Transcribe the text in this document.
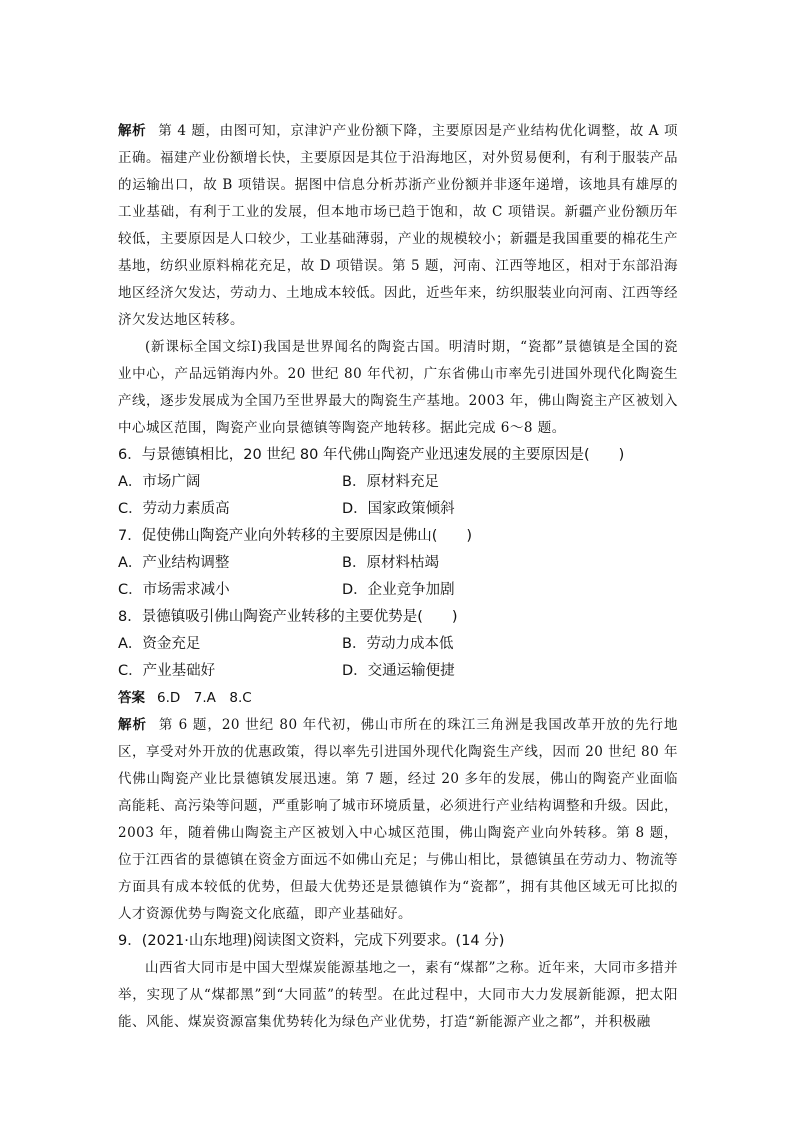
解析 第 4 题，由图可知，京津沪产业份额下降，主要原因是产业结构优化调整，故 A 项正确。福建产业份额增长快，主要原因是其位于沿海地区，对外贸易便利，有利于服装产品的运输出口，故 B 项错误。据图中信息分析苏浙产业份额并非逐年递增，该地具有雄厚的工业基础，有利于工业的发展，但本地市场已趋于饱和，故 C 项错误。新疆产业份额历年较低，主要原因是人口较少，工业基础薄弱，产业的规模较小；新疆是我国重要的棉花生产基地，纺织业原料棉花充足，故 D 项错误。第 5 题，河南、江西等地区，相对于东部沿海地区经济欠发达，劳动力、土地成本较低。因此，近些年来，纺织服装业向河南、江西等经济欠发达地区转移。

(新课标全国文综Ⅰ)我国是世界闻名的陶瓷古国。明清时期，“瓷都”景德镇是全国的瓷业中心，产品远销海内外。20 世纪 80 年代初，广东省佛山市率先引进国外现代化陶瓷生产线，逐步发展成为全国乃至世界最大的陶瓷生产基地。2003 年，佛山陶瓷主产区被划入中心城区范围，陶瓷产业向景德镇等陶瓷产地转移。据此完成 6～8 题。

6．与景德镇相比，20 世纪 80 年代佛山陶瓷产业迅速发展的主要原因是(　　)

A．市场广阔	B．原材料充足
C．劳动力素质高	D．国家政策倾斜

7．促使佛山陶瓷产业向外转移的主要原因是佛山(　　)

A．产业结构调整	B．原材料枯竭
C．市场需求减小	D．企业竞争加剧

8．景德镇吸引佛山陶瓷产业转移的主要优势是(　　)

A．资金充足	B．劳动力成本低
C．产业基础好	D．交通运输便捷

答案 6.D　7.A　8.C

解析 第 6 题，20 世纪 80 年代初，佛山市所在的珠江三角洲是我国改革开放的先行地区，享受对外开放的优惠政策，得以率先引进国外现代化陶瓷生产线，因而 20 世纪 80 年代佛山陶瓷产业比景德镇发展迅速。第 7 题，经过 20 多年的发展，佛山的陶瓷产业面临高能耗、高污染等问题，严重影响了城市环境质量，必须进行产业结构调整和升级。因此，2003 年，随着佛山陶瓷主产区被划入中心城区范围，佛山陶瓷产业向外转移。第 8 题，位于江西省的景德镇在资金方面远不如佛山充足；与佛山相比，景德镇虽在劳动力、物流等方面具有成本较低的优势，但最大优势还是景德镇作为“瓷都”，拥有其他区域无可比拟的人才资源优势与陶瓷文化底蕴，即产业基础好。

9．(2021·山东地理)阅读图文资料，完成下列要求。(14 分)

山西省大同市是中国大型煤炭能源基地之一，素有“煤都”之称。近年来，大同市多措并举，实现了从“煤都黑”到“大同蓝”的转型。在此过程中，大同市大力发展新能源，把太阳能、风能、煤炭资源富集优势转化为绿色产业优势，打造“新能源产业之都”，并积极融
